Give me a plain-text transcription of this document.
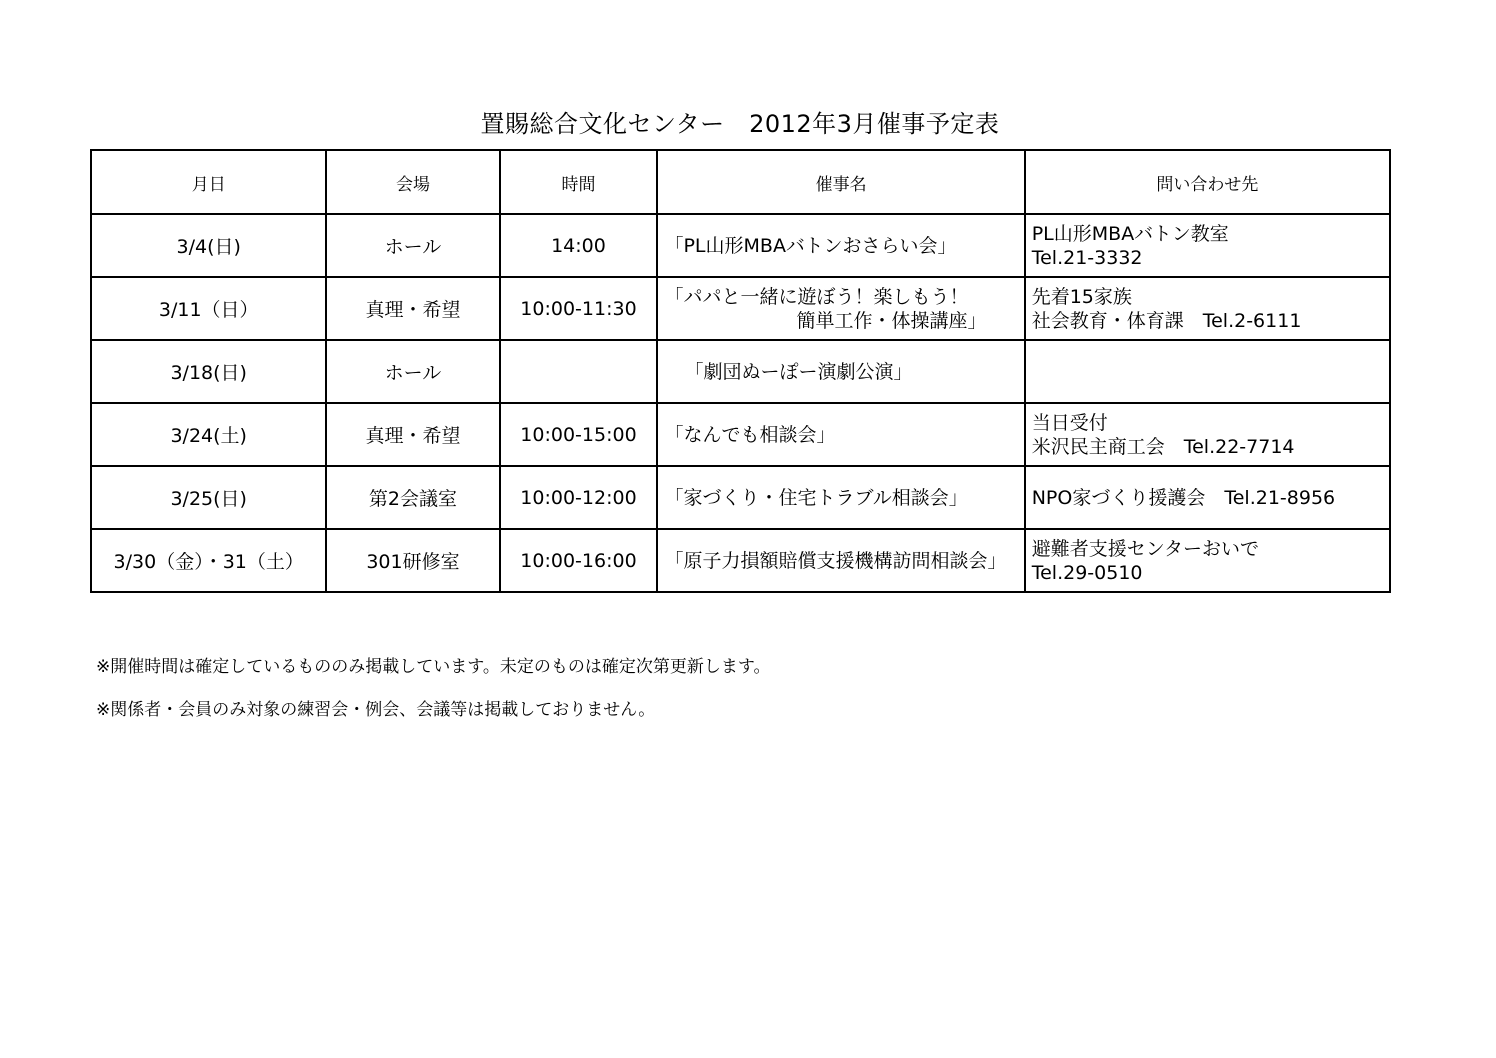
置賜総合文化センター　2012年3月催事予定表
月日	会場	時間	催事名	問い合わせ先
3/4(日)	ホール	14:00	「PL山形MBAバトンおさらい会」	PL山形MBAバトン教室
Tel.21-3332

3/11（日）	真理・希望	10:00-11:30	「パパと一緒に遊ぼう！楽しもう！
簡単工作・体操講座」	先着15家族
社会教育・体育課　Tel.2-6111

3/18(日)	ホール		「劇団ぬーぽー演劇公演」	

3/24(土)	真理・希望	10:00-15:00	「なんでも相談会」	当日受付
米沢民主商工会　Tel.22-7714

3/25(日)	第2会議室	10:00-12:00	「家づくり・住宅トラブル相談会」	NPO家づくり援護会　Tel.21-8956

3/30（金）・31（土）	301研修室	10:00-16:00	「原子力損額賠償支援機構訪問相談会」	避難者支援センターおいで
Tel.29-0510
※開催時間は確定しているもののみ掲載しています。未定のものは確定次第更新します。
※関係者・会員のみ対象の練習会・例会、会議等は掲載しておりません。
